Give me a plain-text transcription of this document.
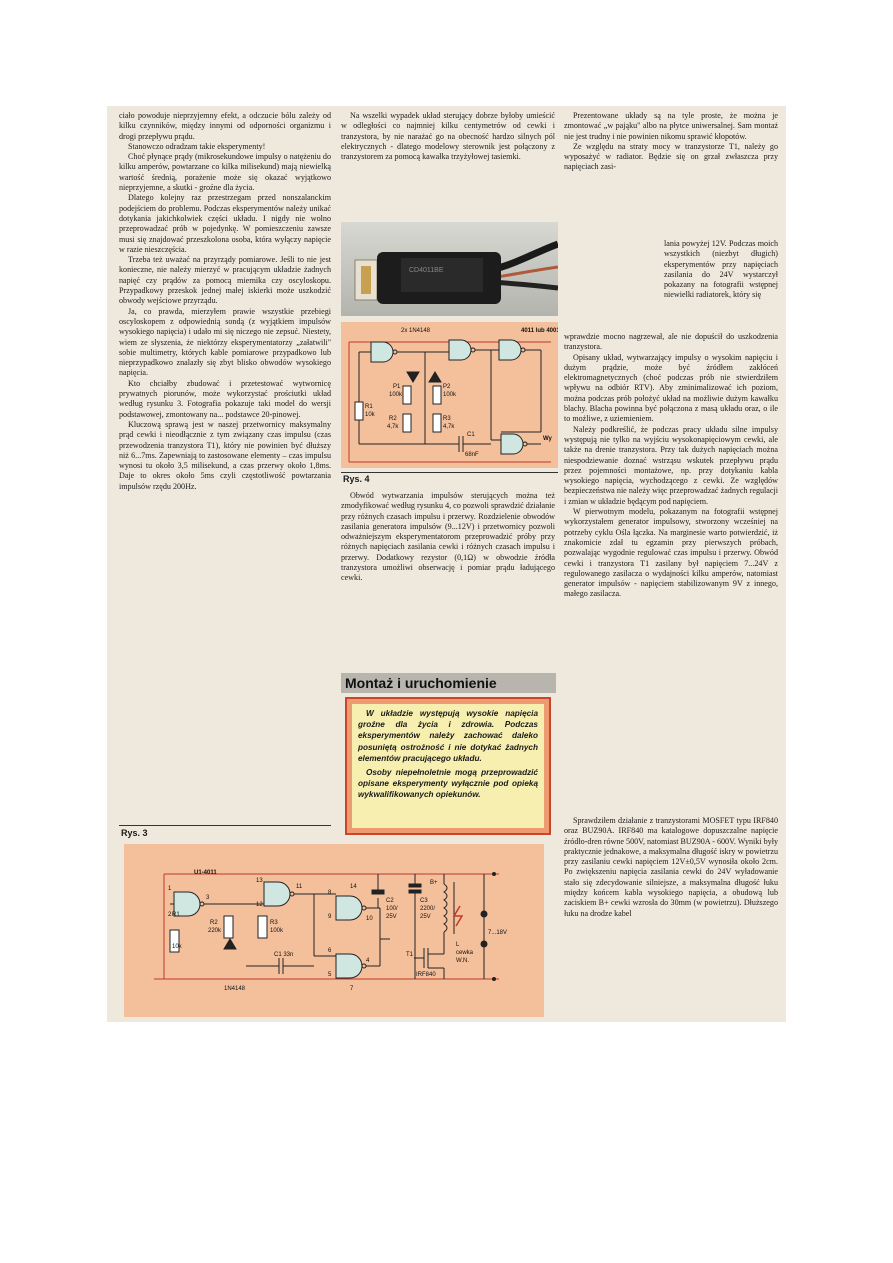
ciało powoduje nieprzyjemny efekt, a odczucie bólu zależy od kilku czynników, między innymi od odporności organizmu i drogi przepływu prądu.

Stanowczo odradzam takie eksperymenty!

Choć płynące prądy (mikrosekundowe impulsy o natężeniu do kilku amperów, powtarzane co kilka milisekund) mają niewielką wartość średnią, porażenie może się okazać wyjątkowo nieprzyjemne, a skutki - groźne dla życia.

Dlatego kolejny raz przestrzegam przed nonszalanckim podejściem do problemu. Podczas eksperymentów należy unikać dotykania jakichkolwiek części układu. I nigdy nie wolno przeprowadzać prób w pojedynkę. W pomieszczeniu zawsze musi się znajdować przeszkolona osoba, która wyłączy napięcie w razie nieszczęścia.

Trzeba też uważać na przyrządy pomiarowe. Jeśli to nie jest konieczne, nie należy mierzyć w pracującym układzie żadnych napięć czy prądów za pomocą miernika czy oscyloskopu. Przypadkowy przeskok jednej małej iskierki może uszkodzić obwody wejściowe przyrządu.

Ja, co prawda, mierzyłem prawie wszystkie przebiegi oscyloskopem z odpowiednią sondą (z wyjątkiem impulsów wysokiego napięcia) i udało mi się niczego nie zepsuć. Niestety, wiem ze słyszenia, że niektórzy eksperymentatorzy „załatwili" sobie multimetry, których kable pomiarowe przypadkowo lub nieprzypadkowo znalazły się zbyt blisko obwodów wysokiego napięcia.

Kto chciałby zbudować i przetestować wytwornicę prywatnych piorunów, może wykorzystać prościutki układ według rysunku 3. Fotografia pokazuje taki model do wersji podstawowej, zmontowany na... podstawce 20-pinowej.

Kluczową sprawą jest w naszej przetwornicy maksymalny prąd cewki i nieodłącznie z tym związany czas impulsu (czas przewodzenia tranzystora T1), który nie powinien być dłuższy niż 6...7ms. Zapewniają to zastosowane elementy – czas impulsu wynosi tu około 3,5 milisekund, a czas przerwy około 1,8ms. Daje to okres około 5ms czyli częstotliwość powtarzania impulsów rzędu 200Hz.

Na wszelki wypadek układ sterujący dobrze byłoby umieścić w odległości co najmniej kilku centymetrów od cewki i tranzystora, by nie narażać go na obecność hardzo silnych pól elektrycznych - dlatego modelowy sterownik jest połączony z tranzystorem za pomocą kawałka trzyżyłowej tasiemki.

CD4011BE
4011 lub 4001
2x 1N4148
P1
100k
P2
100k
R1
10k
R2
4,7k
R3
4,7k
C1
68nF
Wy
Rys. 4

Obwód wytwarzania impulsów sterujących można też zmodyfikować według rysunku 4, co pozwoli sprawdzić działanie przy różnych czasach impulsu i przerwy. Rozdzielenie obwodów zasilania generatora impulsów (9...12V) i przetwornicy pozwoli odważniejszym eksperymentatorom przeprowadzić próby przy różnych napięciach zasilania cewki i różnych czasach impulsu i przerwy. Dodatkowy rezystor (0,1Ω) w obwodzie źródła tranzystora umożliwi obserwację i pomiar prądu ładującego cewki.

Montaż i uruchomienie

W układzie występują wysokie napięcia groźne dla życia i zdrowia. Podczas eksperymentów należy zachować daleko posuniętą ostrożność i nie dotykać żadnych elementów pracującego układu.

Osoby niepełnoletnie mogą przeprowadzić opisane eksperymenty wyłącznie pod opieką wykwalifikowanych opiekunów.

Prezentowane układy są na tyle proste, że można je zmontować „w pająku" albo na płytce uniwersalnej. Sam montaż nie jest trudny i nie powinien nikomu sprawić kłopotów.

Ze względu na straty mocy w tranzystorze T1, należy go wyposażyć w radiator. Będzie się on grzał zwłaszcza przy napięciach zasi-

lania powyżej 12V. Podczas moich wszystkich (niezbyt długich) eksperymentów przy napięciach zasilania do 24V wystarczył pokazany na fotografii wstępnej niewielki radiatorek, który się

wprawdzie mocno nagrzewał, ale nie dopuścił do uszkodzenia tranzystora.

Opisany układ, wytwarzający impulsy o wysokim napięciu i dużym prądzie, może być źródłem zakłóceń elektromagnetycznych (choć podczas prób nie stwierdziłem wpływu na odbiór RTV). Aby zminimalizować ich poziom, można podczas prób położyć układ na możliwie dużym kawałku blachy. Blacha powinna być połączona z masą układu oraz, o ile to możliwe, z uziemieniem.

Należy podkreślić, że podczas pracy układu silne impulsy występują nie tylko na wyjściu wysokonapięciowym cewki, ale także na drenie tranzystora. Przy tak dużych napięciach można niespodziewanie doznać wstrząsu wskutek przepływu prądu przez pojemności montażowe, np. przy dotykaniu kabla wysokiego napięcia, wychodzącego z cewki. Ze względów bezpieczeństwa nie należy więc przeprowadzać żadnych regulacji i zmian w układzie będącym pod napięciem.

W pierwotnym modelu, pokazanym na fotografii wstępnej wykorzystałem generator impulsowy, stworzony wcześniej na potrzeby cyklu Ośla łączka. Na marginesie warto potwierdzić, iż znakomicie zdał tu egzamin przy pierwszych próbach, pozwalając wygodnie regulować czas impulsu i przerwy. Obwód cewki i tranzystora T1 zasilany był napięciem 7...24V z regulowanego zasilacza o wydajności kilku amperów, natomiast generator impulsów - napięciem stabilizowanym 9V z innego, małego zasilacza.

Sprawdziłem działanie z tranzystorami MOSFET typu IRF840 oraz BUZ90A. IRF840 ma katalogowe dopuszczalne napięcie źródło-dren równe 500V, natomiast BUZ90A - 600V. Wyniki były praktycznie jednakowe, a maksymalna długość iskry w powietrzu przy zasilaniu cewki napięciem 12V±0,5V wynosiła około 2cm. Po zwiększeniu napięcia zasilania cewki do 24V wyładowanie stało się zdecydowanie silniejsze, a maksymalna długość łuku między końcem kabla wysokiego napięcia, a obudową lub zaciskiem B+ cewki wzrosła do 30mm (w powietrzu). Dłuższego łuku na drodze kabel

Rys. 3
U1-4011
R1
10k
R2
220k
R3
100k
C1 33n
1N4148
C2
100/
25V
C3
2200/
25V
B+
T1
IRF840
L
cewka
W.N.
7...18V
3
1
2
13
12
11
8
9	10
6
5
4
14
7
